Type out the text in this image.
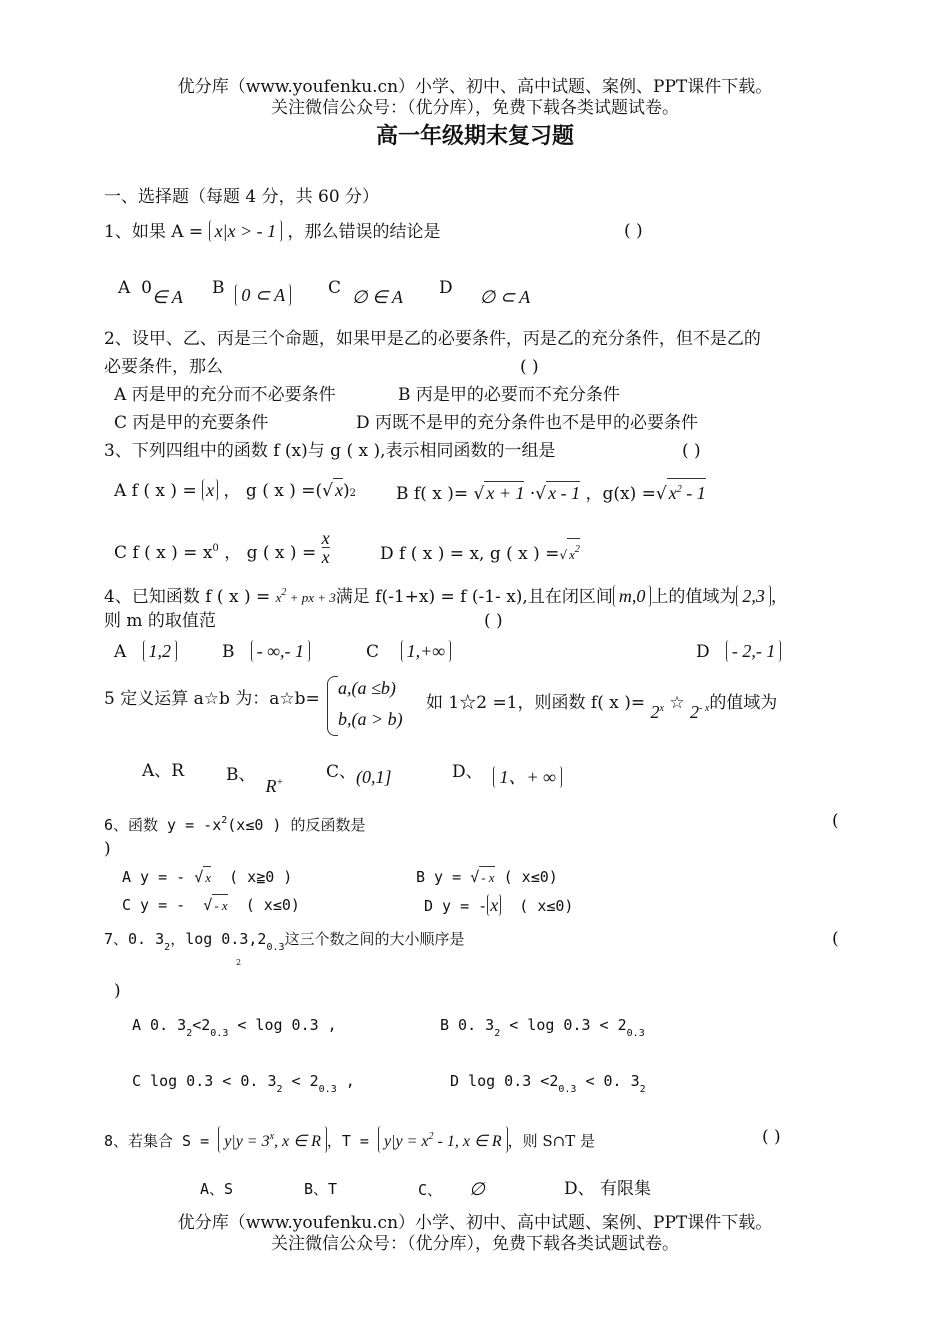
优分库（www.youfenku.cn）小学、初中、高中试题、案例、PPT课件下载。
关注微信公众号：（优分库），免费下载各类试题试卷。
高一年级期末复习题
一、选择题（每题 4 分，共 60 分）
1、如果 A = x|x > - 1 ，那么错误的结论是	( )
A 0∈ A B 0 ⊂ A	C ∅ ∈ A D ∅ ⊂ A
2、设甲、乙、丙是三个命题，如果甲是乙的必要条件，丙是乙的充分条件，但不是乙的
必要条件，那么	( )
A 丙是甲的充分而不必要条件	B 丙是甲的必要而不充分条件
C 丙是甲的充要条件	D 丙既不是甲的充分条件也不是甲的必要条件
3、下列四组中的函数 f (x)与 g ( x ),表示相同函数的一组是	( )
A f ( x ) = x ， g ( x ) =(√ x)2 B f( x )= √ x + 1 ·√ x - 1 ，g(x) =√ $x^2 - 1$
C f ( x ) = $x^0$ ， g ( x ) = $\frac{x}{x}$	D f ( x ) = x, g ( x ) =√ $x^2$
4、已知函数 f ( x ) = $x^2$ + px + 3满足 f(-1+x) = f (-1- x),且在闭区间 m,0 上的值域为 2,3 ，
则 m 的取值范	( )
A 1,2	B - ∞,- 1	C 1,+∞	D - 2,- 1
5 定义运算 a☆b 为：a☆b=
a,(a ≤b)
b,(a > b)
如 1☆2 =1，则函数 f( x )= $2^x$ ☆ $2^{- x}$的值域为
A、R B、R+
C、(0,1]	D、 1、+ ∞
6、函数 $y = -x^2(x\le 0$ ) 的反函数是	(
)
A y = - √ x ( x≧0 )	B y = √ - x ( x≤0)
C y = - √ - x ( x≤0)	D y = - x ( x≤0)
7、0. $3_2$，$\log 0.3,2_{0.3}$这三个数之间的大小顺序是
2
(
)
A 0. $3_2<2_{0.3} < \log 0.3$ ,	B 0. $3_2 < \log 0.3 < 2_{0.3}$
C log 0.3 < 0. $3_2 < 2_{0.3}$ ,	D $\log 0.3 <2_{0.3} < 0$. $3_2$
8、若集合 $S = y|y = 3^x$, x ∈ R ，$T = y|y = x^2 - 1$, x ∈ R ，则 S∩T 是	( )
A、S	B、T	C、 ∅	D、 有限集
优分库（www.youfenku.cn）小学、初中、高中试题、案例、PPT课件下载。
关注微信公众号：（优分库），免费下载各类试题试卷。
